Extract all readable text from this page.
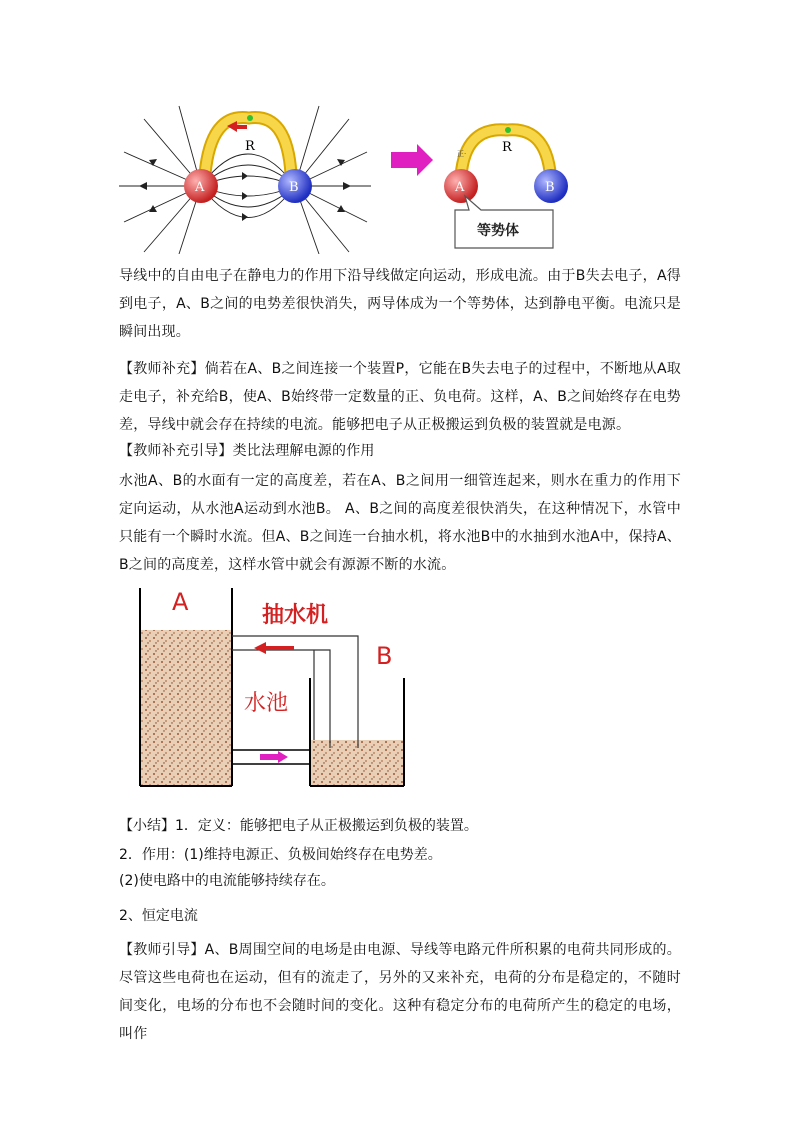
R
A	B
正·	R
A	B
等势体
导线中的自由电子在静电力的作用下沿导线做定向运动，形成电流。由于B失去电子，A得到电子，A、B之间的电势差很快消失，两导体成为一个等势体，达到静电平衡。电流只是瞬间出现。
【教师补充】倘若在A、B之间连接一个装置P，它能在B失去电子的过程中，不断地从A取走电子，补充给B，使A、B始终带一定数量的正、负电荷。这样，A、B之间始终存在电势差，导线中就会存在持续的电流。能够把电子从正极搬运到负极的装置就是电源。
【教师补充引导】类比法理解电源的作用
水池A、B的水面有一定的高度差，若在A、B之间用一细管连起来，则水在重力的作用下定向运动，从水池A运动到水池B。 A、B之间的高度差很快消失，在这种情况下，水管中只能有一个瞬时水流。但A、B之间连一台抽水机，将水池B中的水抽到水池A中，保持A、B之间的高度差，这样水管中就会有源源不断的水流。
A
B
抽水机
水池
【小结】1．定义：能够把电子从正极搬运到负极的装置。
2．作用：(1)维持电源正、负极间始终存在电势差。
(2)使电路中的电流能够持续存在。
2、恒定电流
【教师引导】A、B周围空间的电场是由电源、导线等电路元件所积累的电荷共同形成的。尽管这些电荷也在运动，但有的流走了，另外的又来补充，电荷的分布是稳定的，不随时间变化，电场的分布也不会随时间的变化。这种有稳定分布的电荷所产生的稳定的电场，叫作
